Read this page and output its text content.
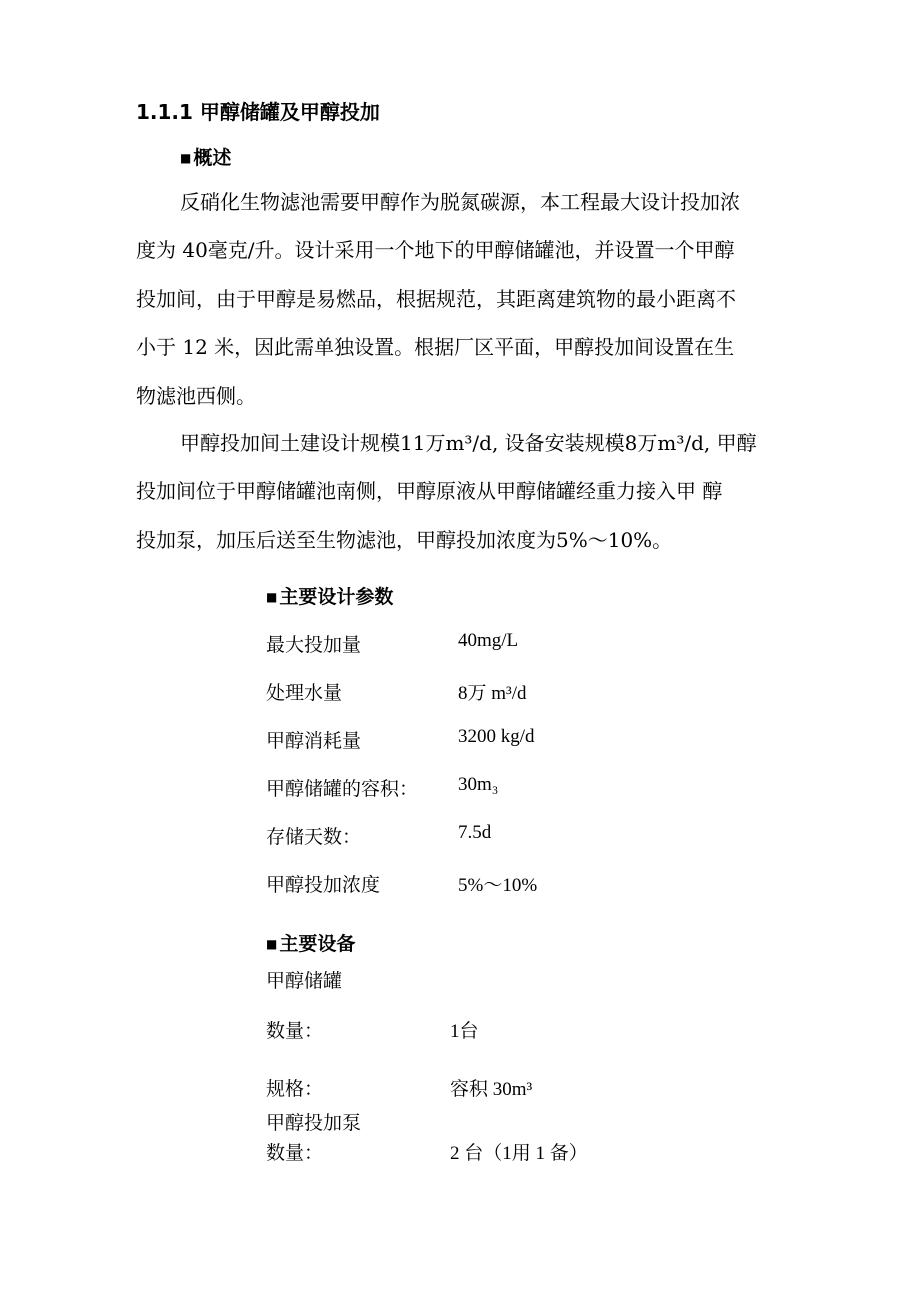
1.1.1 甲醇储罐及甲醇投加
■ 概述
反硝化生物滤池需要甲醇作为脱氮碳源，本工程最大设计投加浓
度为 40毫克/升。设计采用一个地下的甲醇储罐池，并设置一个甲醇
投加间，由于甲醇是易燃品，根据规范，其距离建筑物的最小距离不
小于 12 米，因此需单独设置。根据厂区平面，甲醇投加间设置在生
物滤池西侧。
甲醇投加间土建设计规模11万m³/d, 设备安装规模8万m³/d, 甲醇
投加间位于甲醇储罐池南侧，甲醇原液从甲醇储罐经重力接入甲 醇
投加泵，加压后送至生物滤池，甲醇投加浓度为5%〜10%。
■ 主要设计参数
最大投加量	40mg/L
处理水量	8万 m³/d
甲醇消耗量	3200 kg/d
甲醇储罐的容积： 30m₃
存储天数：	7.5d
甲醇投加浓度	5%〜10%
■ 主要设备
甲醇储罐
数量：	1台
规格：	容积 30m³
甲醇投加泵
数量：	2 台（1用 1 备）
